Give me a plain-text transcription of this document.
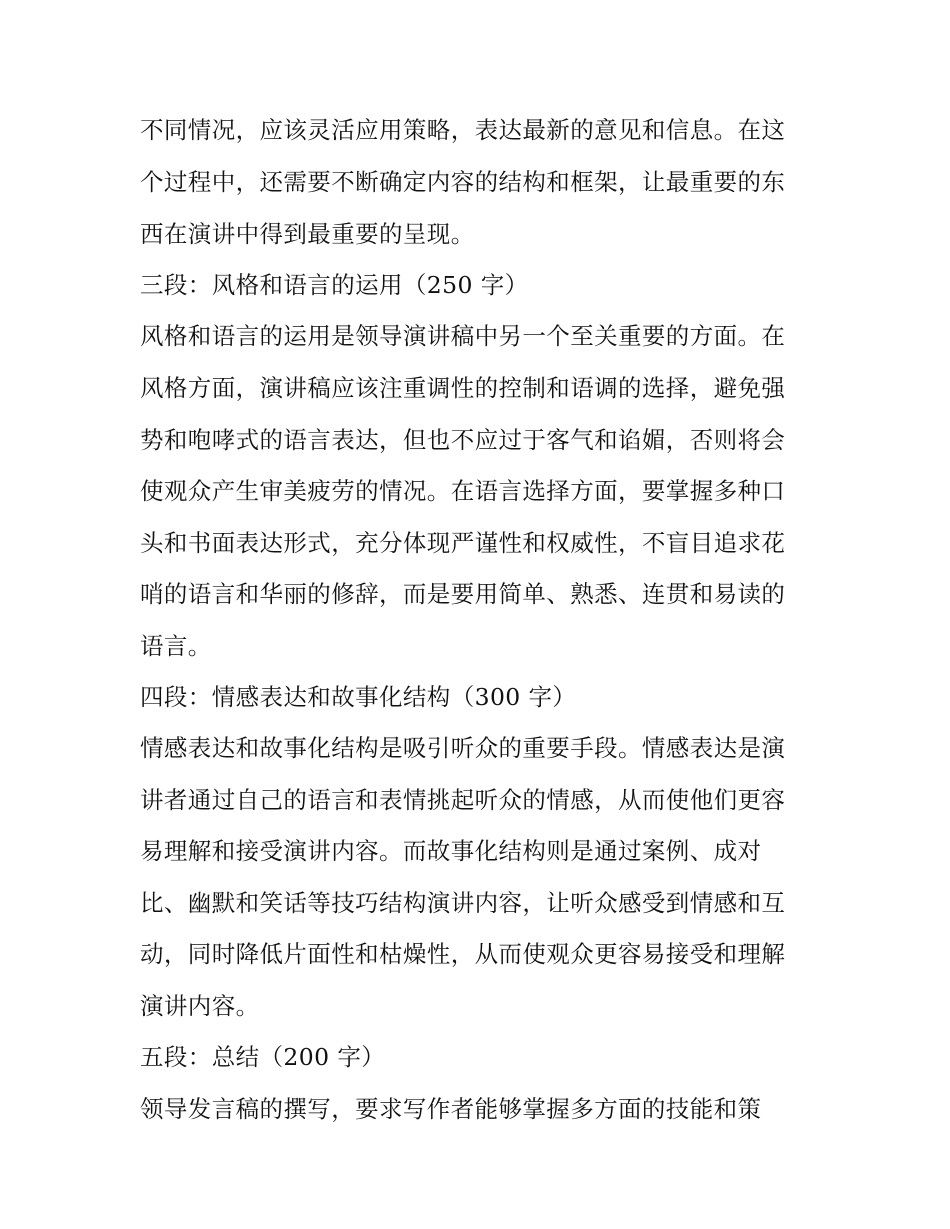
不同情况，应该灵活应用策略，表达最新的意见和信息。在这
个过程中，还需要不断确定内容的结构和框架，让最重要的东
西在演讲中得到最重要的呈现。
三段：风格和语言的运用（250 字）
风格和语言的运用是领导演讲稿中另一个至关重要的方面。在
风格方面，演讲稿应该注重调性的控制和语调的选择，避免强
势和咆哮式的语言表达，但也不应过于客气和谄媚，否则将会
使观众产生审美疲劳的情况。在语言选择方面，要掌握多种口
头和书面表达形式，充分体现严谨性和权威性，不盲目追求花
哨的语言和华丽的修辞，而是要用简单、熟悉、连贯和易读的
语言。
四段：情感表达和故事化结构（300 字）
情感表达和故事化结构是吸引听众的重要手段。情感表达是演
讲者通过自己的语言和表情挑起听众的情感，从而使他们更容
易理解和接受演讲内容。而故事化结构则是通过案例、成对
比、幽默和笑话等技巧结构演讲内容，让听众感受到情感和互
动，同时降低片面性和枯燥性，从而使观众更容易接受和理解
演讲内容。
五段：总结（200 字）
领导发言稿的撰写，要求写作者能够掌握多方面的技能和策
